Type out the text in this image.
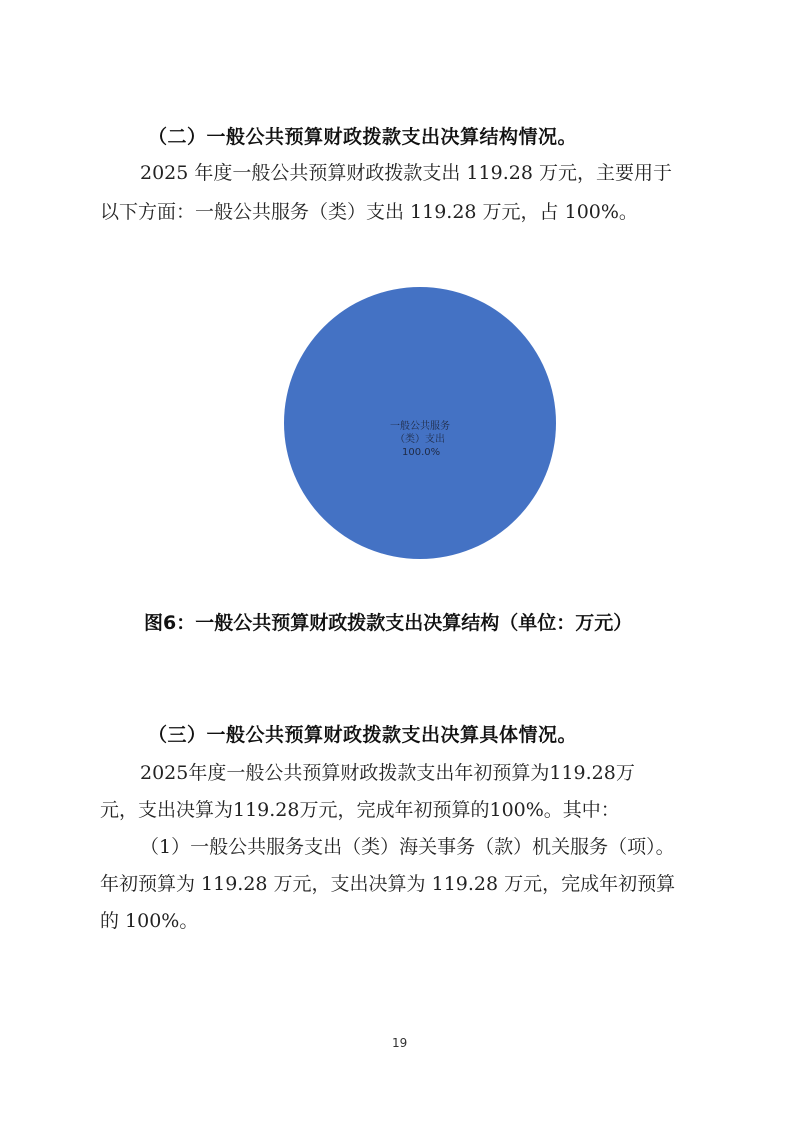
（二）一般公共预算财政拨款支出决算结构情况。
2025 年度一般公共预算财政拨款支出 119.28 万元，主要用于
以下方面：一般公共服务（类）支出 119.28 万元，占 100%。
一般公共服务
（类）支出
100.0%
图6：一般公共预算财政拨款支出决算结构（单位：万元）
（三）一般公共预算财政拨款支出决算具体情况。
2025年度一般公共预算财政拨款支出年初预算为119.28万
元，支出决算为119.28万元，完成年初预算的100%。其中：
（1）一般公共服务支出（类）海关事务（款）机关服务（项）。
年初预算为 119.28 万元，支出决算为 119.28 万元，完成年初预算
的 100%。
19
